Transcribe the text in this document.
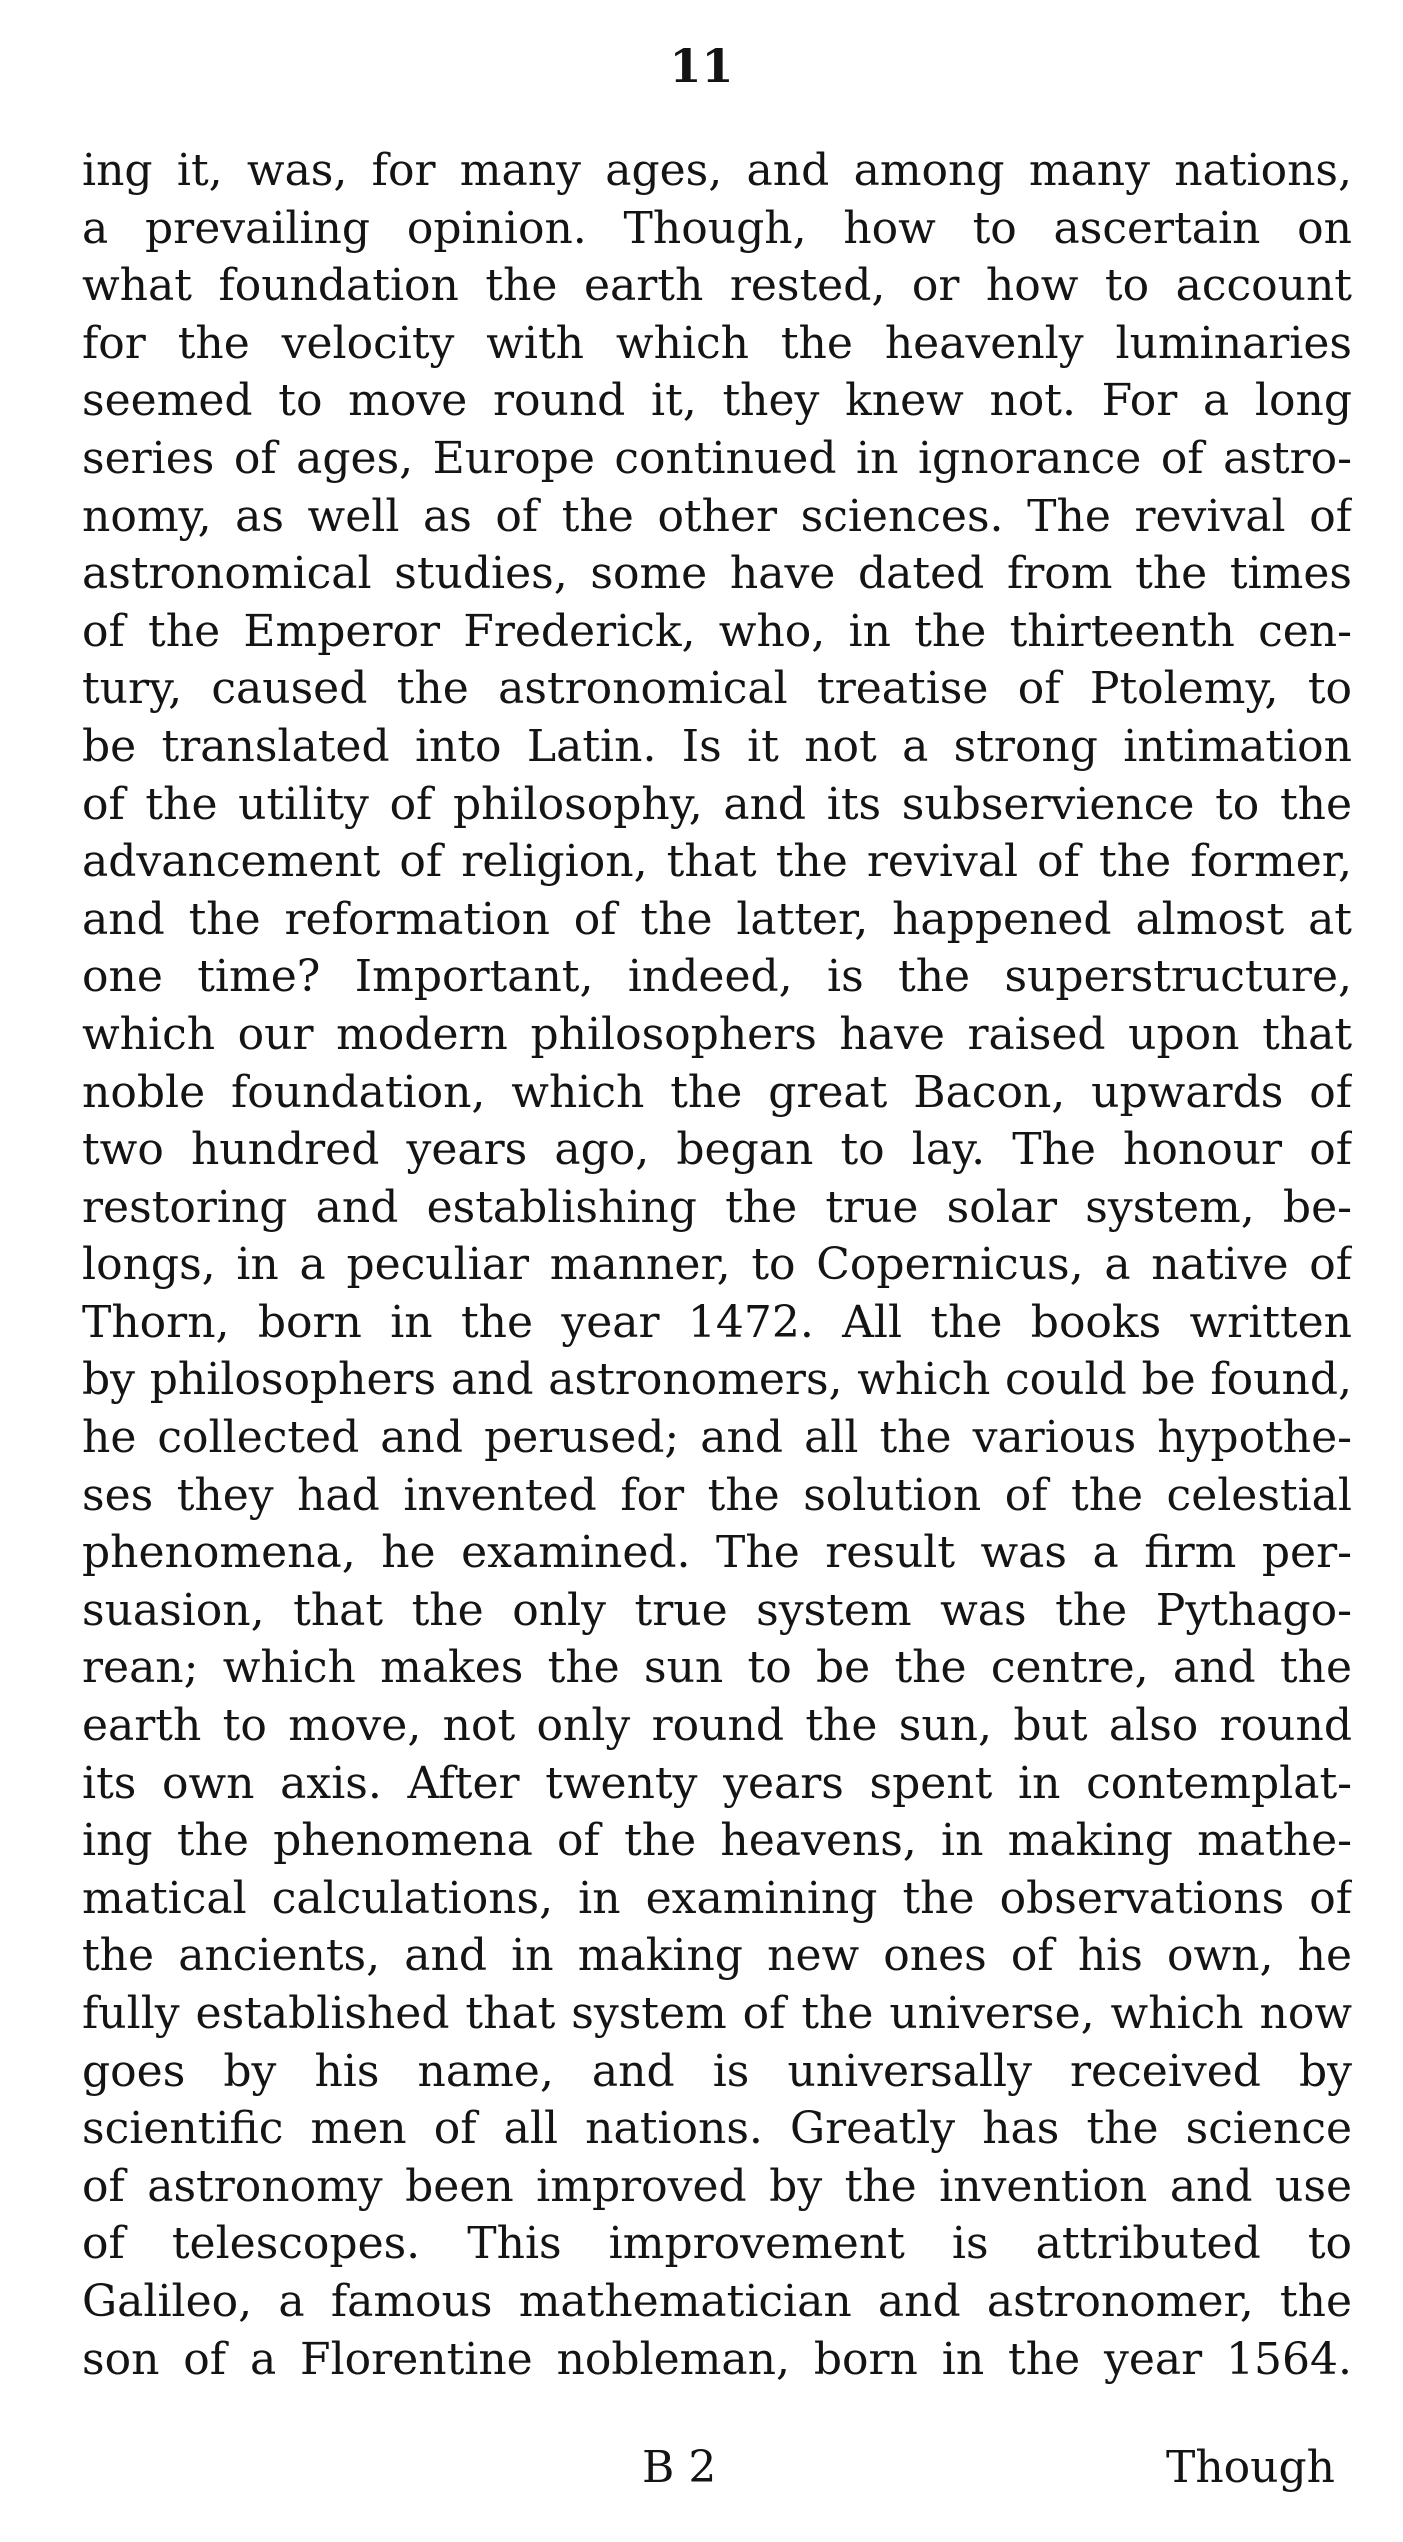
11
ing it, was, for many ages, and among many nations,
a prevailing opinion. Though, how to ascertain on
what foundation the earth rested, or how to account
for the velocity with which the heavenly luminaries
seemed to move round it, they knew not. For a long
series of ages, Europe continued in ignorance of astro-
nomy, as well as of the other sciences. The revival of
astronomical studies, some have dated from the times
of the Emperor Frederick, who, in the thirteenth cen-
tury, caused the astronomical treatise of Ptolemy, to
be translated into Latin. Is it not a strong intimation
of the utility of philosophy, and its subservience to the
advancement of religion, that the revival of the former,
and the reformation of the latter, happened almost at
one time? Important, indeed, is the superstructure,
which our modern philosophers have raised upon that
noble foundation, which the great Bacon, upwards of
two hundred years ago, began to lay. The honour of
restoring and establishing the true solar system, be-
longs, in a peculiar manner, to Copernicus, a native of
Thorn, born in the year 1472. All the books written
by philosophers and astronomers, which could be found,
he collected and perused; and all the various hypothe-
ses they had invented for the solution of the celestial
phenomena, he examined. The result was a firm per-
suasion, that the only true system was the Pythago-
rean; which makes the sun to be the centre, and the
earth to move, not only round the sun, but also round
its own axis. After twenty years spent in contemplat-
ing the phenomena of the heavens, in making mathe-
matical calculations, in examining the observations of
the ancients, and in making new ones of his own, he
fully established that system of the universe, which now
goes by his name, and is universally received by
scientific men of all nations. Greatly has the science
of astronomy been improved by the invention and use
of telescopes. This improvement is attributed to
Galileo, a famous mathematician and astronomer, the
son of a Florentine nobleman, born in the year 1564.
B 2	Though
